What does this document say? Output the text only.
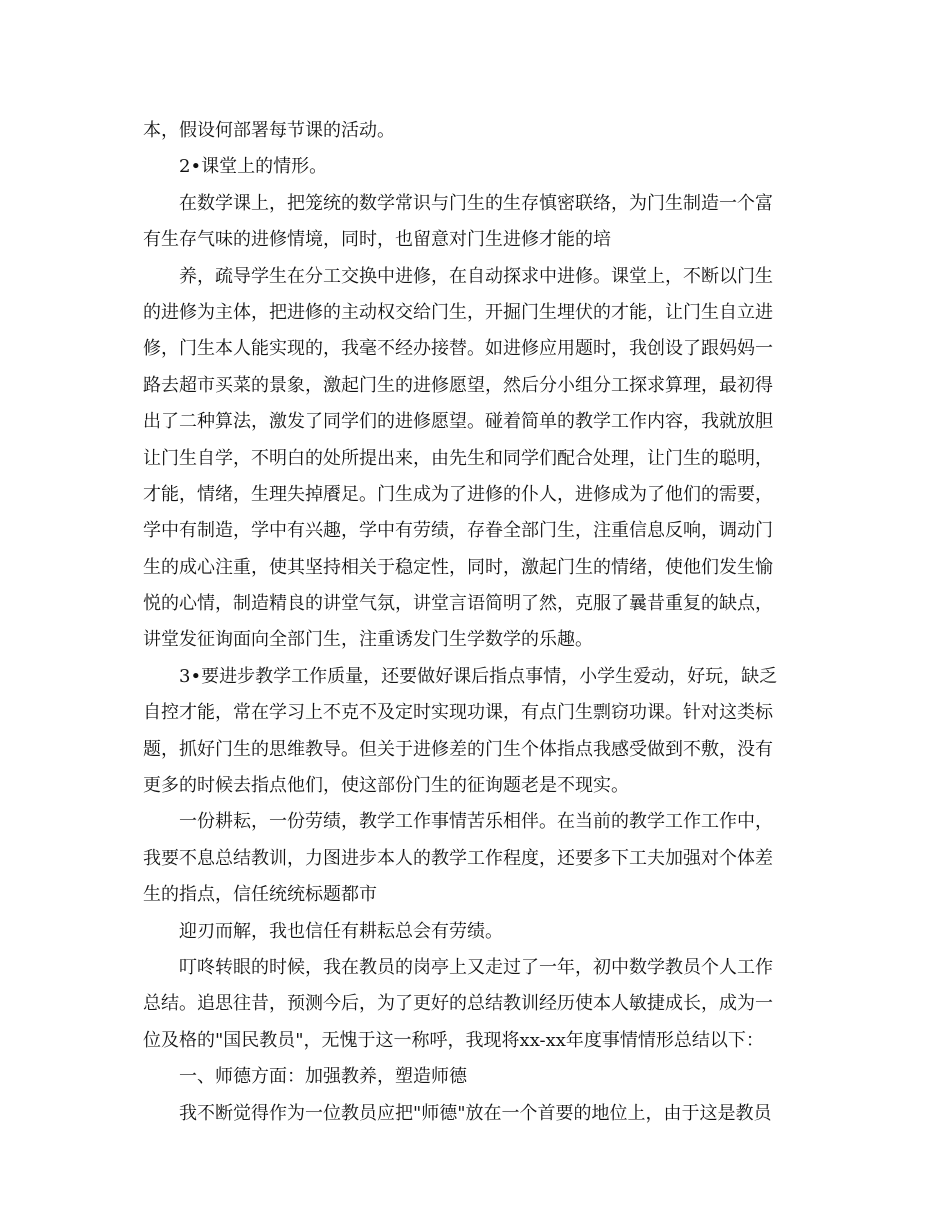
本，假设何部署每节课的活动。
2•课堂上的情形。
在数学课上，把笼统的数学常识与门生的生存慎密联络，为门生制造一个富
有生存气味的进修情境，同时，也留意对门生进修才能的培
养，疏导学生在分工交换中进修，在自动探求中进修。课堂上，不断以门生
的进修为主体，把进修的主动权交给门生，开掘门生埋伏的才能，让门生自立进
修，门生本人能实现的，我毫不经办接替。如进修应用题时，我创设了跟妈妈一
路去超市买菜的景象，激起门生的进修愿望，然后分小组分工探求算理，最初得
出了二种算法，激发了同学们的进修愿望。碰着简单的教学工作内容，我就放胆
让门生自学，不明白的处所提出来，由先生和同学们配合处理，让门生的聪明，
才能，情绪，生理失掉餍足。门生成为了进修的仆人，进修成为了他们的需要，
学中有制造，学中有兴趣，学中有劳绩，存眷全部门生，注重信息反响，调动门
生的成心注重，使其坚持相关于稳定性，同时，激起门生的情绪，使他们发生愉
悦的心情，制造精良的讲堂气氛，讲堂言语简明了然，克服了曩昔重复的缺点，
讲堂发征询面向全部门生，注重诱发门生学数学的乐趣。
3•要进步教学工作质量，还要做好课后指点事情，小学生爱动，好玩，缺乏
自控才能，常在学习上不克不及定时实现功课，有点门生剽窃功课。针对这类标
题，抓好门生的思维教导。但关于进修差的门生个体指点我感受做到不敷，没有
更多的时候去指点他们，使这部份门生的征询题老是不现实。
一份耕耘，一份劳绩，教学工作事情苦乐相伴。在当前的教学工作工作中，
我要不息总结教训，力图进步本人的教学工作程度，还要多下工夫加强对个体差
生的指点，信任统统标题都市
迎刃而解，我也信任有耕耘总会有劳绩。
叮咚转眼的时候，我在教员的岗亭上又走过了一年，初中数学教员个人工作
总结。追思往昔，预测今后，为了更好的总结教训经历使本人敏捷成长，成为一
位及格的"国民教员"，无愧于这一称呼，我现将xx-xx年度事情情形总结以下：
一、师德方面：加强教养，塑造师德
我不断觉得作为一位教员应把"师德"放在一个首要的地位上，由于这是教员
